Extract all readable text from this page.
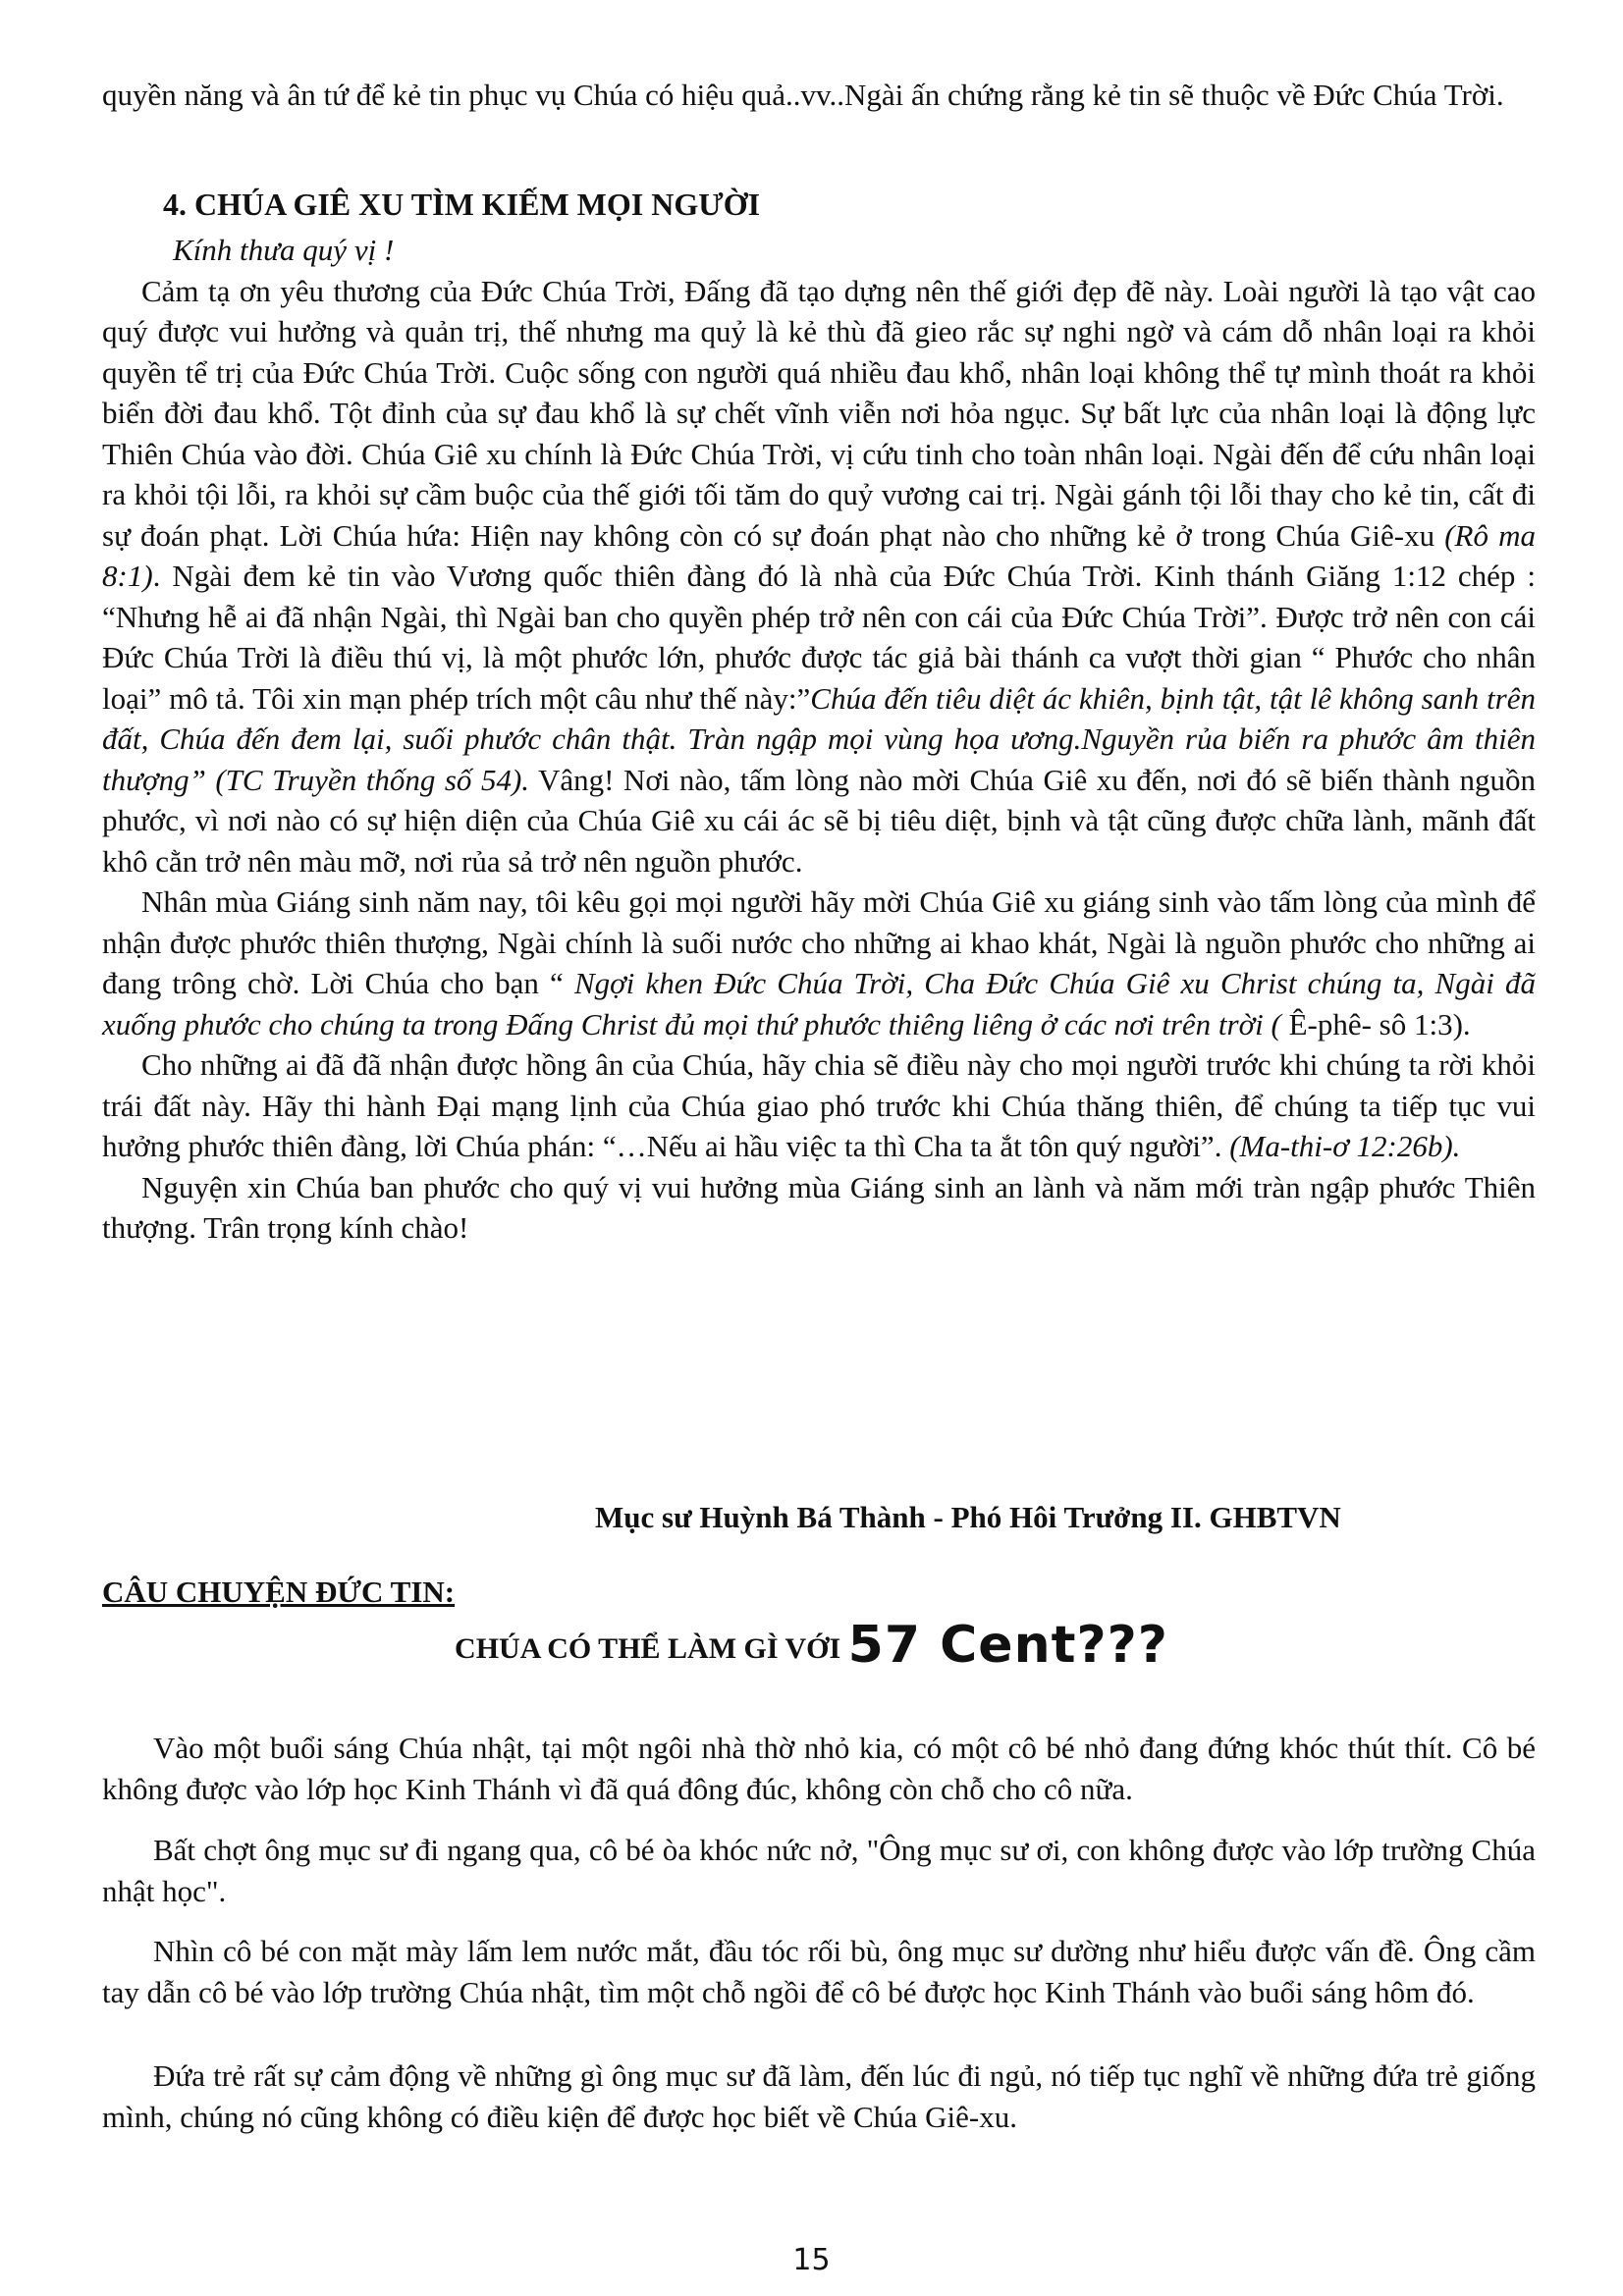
quyền năng và ân tứ để kẻ tin phục vụ Chúa có hiệu quả..vv..Ngài ấn chứng rằng kẻ tin sẽ thuộc về Đức Chúa Trời.

4. CHÚA GIÊ XU TÌM KIẾM MỌI NGƯỜI

Kính thưa quý vị !

Cảm tạ ơn yêu thương của Đức Chúa Trời, Đấng đã tạo dựng nên thế giới đẹp đẽ này. Loài người là tạo vật cao quý được vui hưởng và quản trị, thế nhưng ma quỷ là kẻ thù đã gieo rắc sự nghi ngờ và cám dỗ nhân loại ra khỏi quyền tể trị của Đức Chúa Trời. Cuộc sống con người quá nhiều đau khổ, nhân loại không thể tự mình thoát ra khỏi biển đời đau khổ. Tột đỉnh của sự đau khổ là sự chết vĩnh viễn nơi hỏa ngục. Sự bất lực của nhân loại là động lực Thiên Chúa vào đời. Chúa Giê xu chính là Đức Chúa Trời, vị cứu tinh cho toàn nhân loại. Ngài đến để cứu nhân loại ra khỏi tội lỗi, ra khỏi sự cầm buộc của thế giới tối tăm do quỷ vương cai trị. Ngài gánh tội lỗi thay cho kẻ tin, cất đi sự đoán phạt. Lời Chúa hứa: Hiện nay không còn có sự đoán phạt nào cho những kẻ ở trong Chúa Giê-xu (Rô ma 8:1). Ngài đem kẻ tin vào Vương quốc thiên đàng đó là nhà của Đức Chúa Trời. Kinh thánh Giăng 1:12 chép : “Nhưng hễ ai đã nhận Ngài, thì Ngài ban cho quyền phép trở nên con cái của Đức Chúa Trời”. Được trở nên con cái Đức Chúa Trời là điều thú vị, là một phước lớn, phước được tác giả bài thánh ca vượt thời gian “ Phước cho nhân loại” mô tả. Tôi xin mạn phép trích một câu như thế này:”Chúa đến tiêu diệt ác khiên, bịnh tật, tật lê không sanh trên đất, Chúa đến đem lại, suối phước chân thật. Tràn ngập mọi vùng họa ương.Nguyền rủa biến ra phước âm thiên thượng” (TC Truyền thống số 54). Vâng! Nơi nào, tấm lòng nào mời Chúa Giê xu đến, nơi đó sẽ biến thành nguồn phước, vì nơi nào có sự hiện diện của Chúa Giê xu cái ác sẽ bị tiêu diệt, bịnh và tật cũng được chữa lành, mãnh đất khô cằn trở nên màu mỡ, nơi rủa sả trở nên nguồn phước.

Nhân mùa Giáng sinh năm nay, tôi kêu gọi mọi người hãy mời Chúa Giê xu giáng sinh vào tấm lòng của mình để nhận được phước thiên thượng, Ngài chính là suối nước cho những ai khao khát, Ngài là nguồn phước cho những ai đang trông chờ. Lời Chúa cho bạn “ Ngợi khen Đức Chúa Trời, Cha Đức Chúa Giê xu Christ chúng ta, Ngài đã xuống phước cho chúng ta trong Đấng Christ đủ mọi thứ phước thiêng liêng ở các nơi trên trời ( Ê-phê- sô 1:3).

Cho những ai đã đã nhận được hồng ân của Chúa, hãy chia sẽ điều này cho mọi người trước khi chúng ta rời khỏi trái đất này. Hãy thi hành Đại mạng lịnh của Chúa giao phó trước khi Chúa thăng thiên, để chúng ta tiếp tục vui hưởng phước thiên đàng, lời Chúa phán: “…Nếu ai hầu việc ta thì Cha ta ắt tôn quý người”. (Ma-thi-ơ 12:26b).

Nguyện xin Chúa ban phước cho quý vị vui hưởng mùa Giáng sinh an lành và năm mới tràn ngập phước Thiên thượng. Trân trọng kính chào!

Mục sư Huỳnh Bá Thành - Phó Hôi Trưởng II. GHBTVN
CÂU CHUYỆN ĐỨC TIN:
CHÚA CÓ THỂ LÀM GÌ VỚI 57 Cent???

Vào một buổi sáng Chúa nhật, tại một ngôi nhà thờ nhỏ kia, có một cô bé nhỏ đang đứng khóc thút thít. Cô bé không được vào lớp học Kinh Thánh vì đã quá đông đúc, không còn chỗ cho cô nữa.

Bất chợt ông mục sư đi ngang qua, cô bé òa khóc nức nở, "Ông mục sư ơi, con không được vào lớp trường Chúa nhật học".

Nhìn cô bé con mặt mày lấm lem nước mắt, đầu tóc rối bù, ông mục sư dường như hiểu được vấn đề. Ông cầm tay dẫn cô bé vào lớp trường Chúa nhật, tìm một chỗ ngồi để cô bé được học Kinh Thánh vào buổi sáng hôm đó.

Đứa trẻ rất sự cảm động về những gì ông mục sư đã làm, đến lúc đi ngủ, nó tiếp tục nghĩ về những đứa trẻ giống mình, chúng nó cũng không có điều kiện để được học biết về Chúa Giê-xu.

15
